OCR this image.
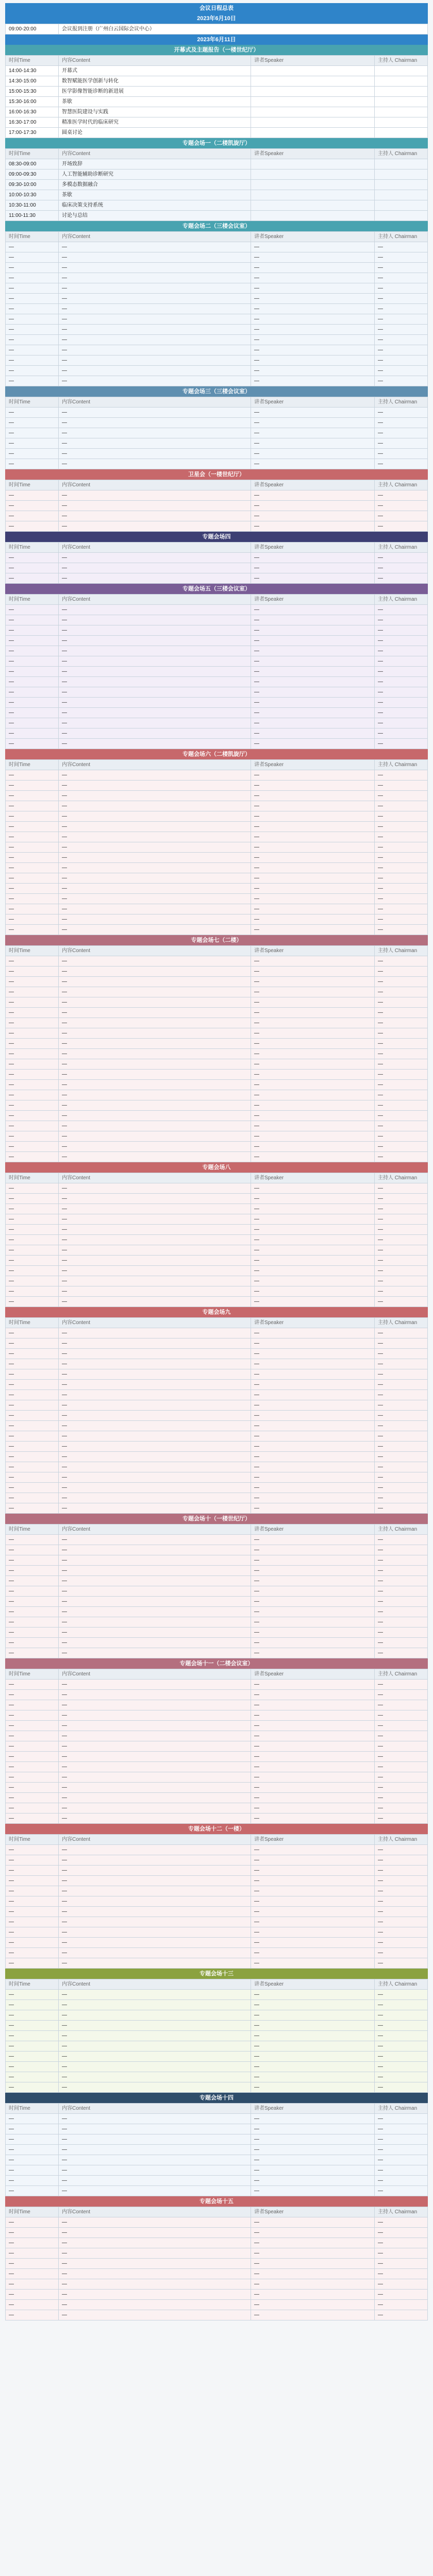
会议日程总表
2023年6月10日
09:00-20:00	会议报到注册（广州白云国际会议中心）
2023年6月11日
开幕式及主题报告（一楼世纪厅）
时间Time	内容Content	讲者Speaker	主持人 Chairman
14:00-14:30	开幕式		
14:30-15:00	数智赋能医学创新与转化		
15:00-15:30	医学影像智能诊断的新进展		
15:30-16:00	茶歇		
16:00-16:30	智慧医院建设与实践		
16:30-17:00	精准医学时代的临床研究		
17:00-17:30	圆桌讨论		
专题会场一（二楼凯旋厅）
时间Time	内容Content	讲者Speaker	主持人 Chairman
08:30-09:00	开场致辞		
09:00-09:30	人工智能辅助诊断研究		
09:30-10:00	多模态数据融合		
10:00-10:30	茶歇		
10:30-11:00	临床决策支持系统		
11:00-11:30	讨论与总结		
专题会场二（三楼会议室）
时间Time	内容Content	讲者Speaker	主持人 Chairman
—	—	—	—
—	—	—	—
—	—	—	—
—	—	—	—
—	—	—	—
—	—	—	—
—	—	—	—
—	—	—	—
—	—	—	—
—	—	—	—
—	—	—	—
—	—	—	—
—	—	—	—
—	—	—	—
专题会场三（三楼会议室）
时间Time	内容Content	讲者Speaker	主持人 Chairman
—	—	—	—
—	—	—	—
—	—	—	—
—	—	—	—
—	—	—	—
—	—	—	—
卫星会（一楼世纪厅）
时间Time	内容Content	讲者Speaker	主持人 Chairman
—	—	—	—
—	—	—	—
—	—	—	—
—	—	—	—
专题会场四
时间Time	内容Content	讲者Speaker	主持人 Chairman
—	—	—	—
—	—	—	—
—	—	—	—
专题会场五（三楼会议室）
时间Time	内容Content	讲者Speaker	主持人 Chairman
—	—	—	—
—	—	—	—
—	—	—	—
—	—	—	—
—	—	—	—
—	—	—	—
—	—	—	—
—	—	—	—
—	—	—	—
—	—	—	—
—	—	—	—
—	—	—	—
—	—	—	—
—	—	—	—
专题会场六（二楼凯旋厅）
时间Time	内容Content	讲者Speaker	主持人 Chairman
—	—	—	—
—	—	—	—
—	—	—	—
—	—	—	—
—	—	—	—
—	—	—	—
—	—	—	—
—	—	—	—
—	—	—	—
—	—	—	—
—	—	—	—
—	—	—	—
—	—	—	—
—	—	—	—
—	—	—	—
—	—	—	—
专题会场七（二楼）
时间Time	内容Content	讲者Speaker	主持人 Chairman
—	—	—	—
—	—	—	—
—	—	—	—
—	—	—	—
—	—	—	—
—	—	—	—
—	—	—	—
—	—	—	—
—	—	—	—
—	—	—	—
—	—	—	—
—	—	—	—
—	—	—	—
—	—	—	—
—	—	—	—
—	—	—	—
—	—	—	—
—	—	—	—
—	—	—	—
—	—	—	—
专题会场八
时间Time	内容Content	讲者Speaker	主持人 Chairman
—	—	—	—
—	—	—	—
—	—	—	—
—	—	—	—
—	—	—	—
—	—	—	—
—	—	—	—
—	—	—	—
—	—	—	—
—	—	—	—
—	—	—	—
—	—	—	—
专题会场九
时间Time	内容Content	讲者Speaker	主持人 Chairman
—	—	—	—
—	—	—	—
—	—	—	—
—	—	—	—
—	—	—	—
—	—	—	—
—	—	—	—
—	—	—	—
—	—	—	—
—	—	—	—
—	—	—	—
—	—	—	—
—	—	—	—
—	—	—	—
—	—	—	—
—	—	—	—
—	—	—	—
—	—	—	—
专题会场十（一楼世纪厅）
时间Time	内容Content	讲者Speaker	主持人 Chairman
—	—	—	—
—	—	—	—
—	—	—	—
—	—	—	—
—	—	—	—
—	—	—	—
—	—	—	—
—	—	—	—
—	—	—	—
—	—	—	—
—	—	—	—
—	—	—	—
专题会场十一（二楼会议室）
时间Time	内容Content	讲者Speaker	主持人 Chairman
—	—	—	—
—	—	—	—
—	—	—	—
—	—	—	—
—	—	—	—
—	—	—	—
—	—	—	—
—	—	—	—
—	—	—	—
—	—	—	—
—	—	—	—
—	—	—	—
—	—	—	—
—	—	—	—
专题会场十二（一楼）
时间Time	内容Content	讲者Speaker	主持人 Chairman
—	—	—	—
—	—	—	—
—	—	—	—
—	—	—	—
—	—	—	—
—	—	—	—
—	—	—	—
—	—	—	—
—	—	—	—
—	—	—	—
—	—	—	—
—	—	—	—
专题会场十三
时间Time	内容Content	讲者Speaker	主持人 Chairman
—	—	—	—
—	—	—	—
—	—	—	—
—	—	—	—
—	—	—	—
—	—	—	—
—	—	—	—
—	—	—	—
—	—	—	—
—	—	—	—
专题会场十四
时间Time	内容Content	讲者Speaker	主持人 Chairman
—	—	—	—
—	—	—	—
—	—	—	—
—	—	—	—
—	—	—	—
—	—	—	—
—	—	—	—
—	—	—	—
专题会场十五
时间Time	内容Content	讲者Speaker	主持人 Chairman
—	—	—	—
—	—	—	—
—	—	—	—
—	—	—	—
—	—	—	—
—	—	—	—
—	—	—	—
—	—	—	—
—	—	—	—
—	—	—	—
